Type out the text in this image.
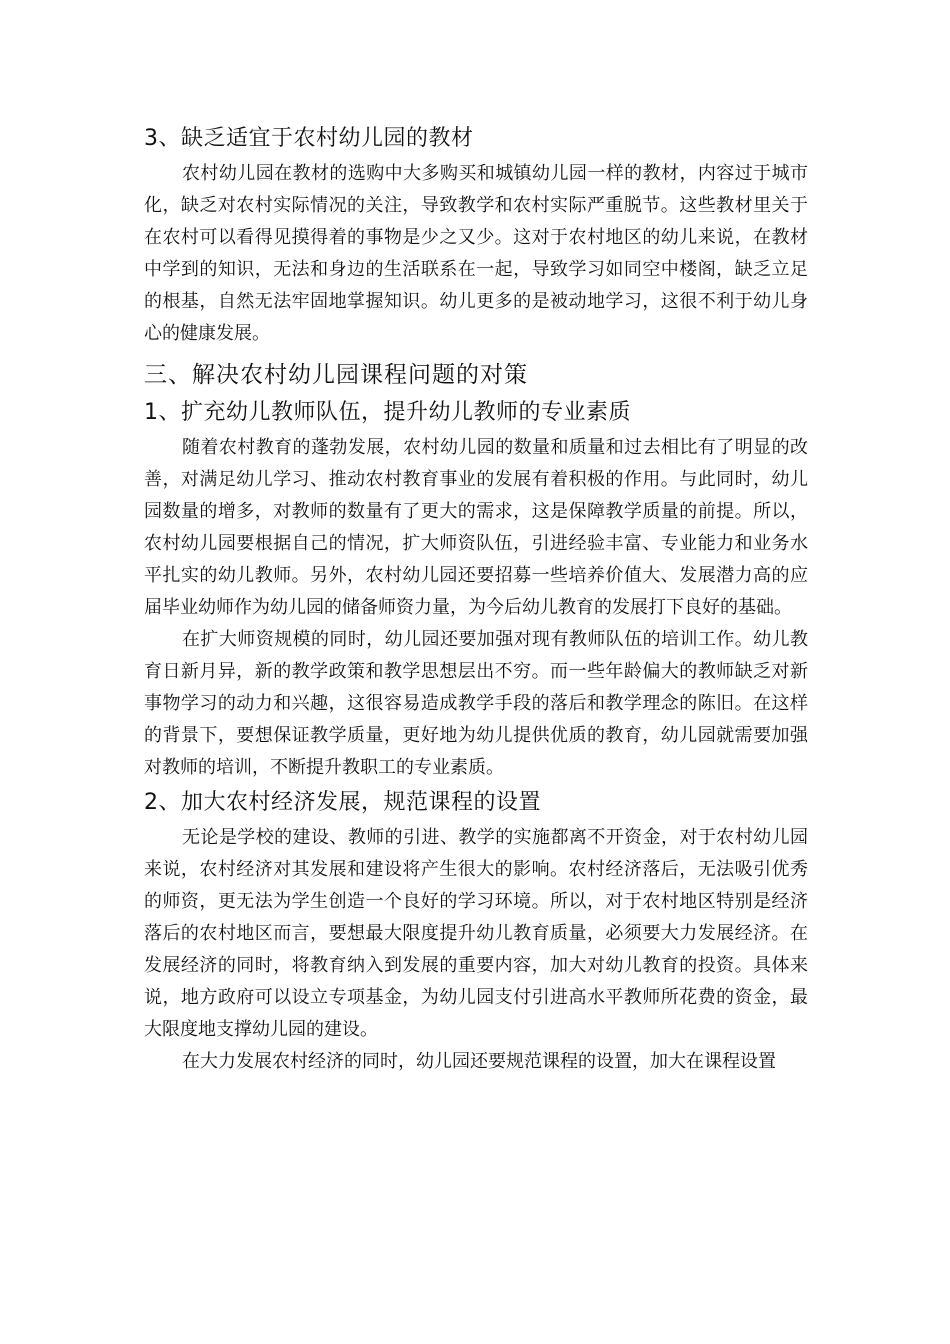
3、缺乏适宜于农村幼儿园的教材

农村幼儿园在教材的选购中大多购买和城镇幼儿园一样的教材，内容过于城市化，缺乏对农村实际情况的关注，导致教学和农村实际严重脱节。这些教材里关于在农村可以看得见摸得着的事物是少之又少。这对于农村地区的幼儿来说，在教材中学到的知识，无法和身边的生活联系在一起，导致学习如同空中楼阁，缺乏立足的根基，自然无法牢固地掌握知识。幼儿更多的是被动地学习，这很不利于幼儿身心的健康发展。

三、解决农村幼儿园课程问题的对策
1、扩充幼儿教师队伍，提升幼儿教师的专业素质

随着农村教育的蓬勃发展，农村幼儿园的数量和质量和过去相比有了明显的改善，对满足幼儿学习、推动农村教育事业的发展有着积极的作用。与此同时，幼儿园数量的增多，对教师的数量有了更大的需求，这是保障教学质量的前提。所以，农村幼儿园要根据自己的情况，扩大师资队伍，引进经验丰富、专业能力和业务水平扎实的幼儿教师。另外，农村幼儿园还要招募一些培养价值大、发展潜力高的应届毕业幼师作为幼儿园的储备师资力量，为今后幼儿教育的发展打下良好的基础。

在扩大师资规模的同时，幼儿园还要加强对现有教师队伍的培训工作。幼儿教育日新月异，新的教学政策和教学思想层出不穷。而一些年龄偏大的教师缺乏对新事物学习的动力和兴趣，这很容易造成教学手段的落后和教学理念的陈旧。在这样的背景下，要想保证教学质量，更好地为幼儿提供优质的教育，幼儿园就需要加强对教师的培训，不断提升教职工的专业素质。

2、加大农村经济发展，规范课程的设置

无论是学校的建设、教师的引进、教学的实施都离不开资金，对于农村幼儿园来说，农村经济对其发展和建设将产生很大的影响。农村经济落后，无法吸引优秀的师资，更无法为学生创造一个良好的学习环境。所以，对于农村地区特别是经济落后的农村地区而言，要想最大限度提升幼儿教育质量，必须要大力发展经济。在发展经济的同时，将教育纳入到发展的重要内容，加大对幼儿教育的投资。具体来说，地方政府可以设立专项基金，为幼儿园支付引进高水平教师所花费的资金，最大限度地支撑幼儿园的建设。

在大力发展农村经济的同时，幼儿园还要规范课程的设置，加大在课程设置
